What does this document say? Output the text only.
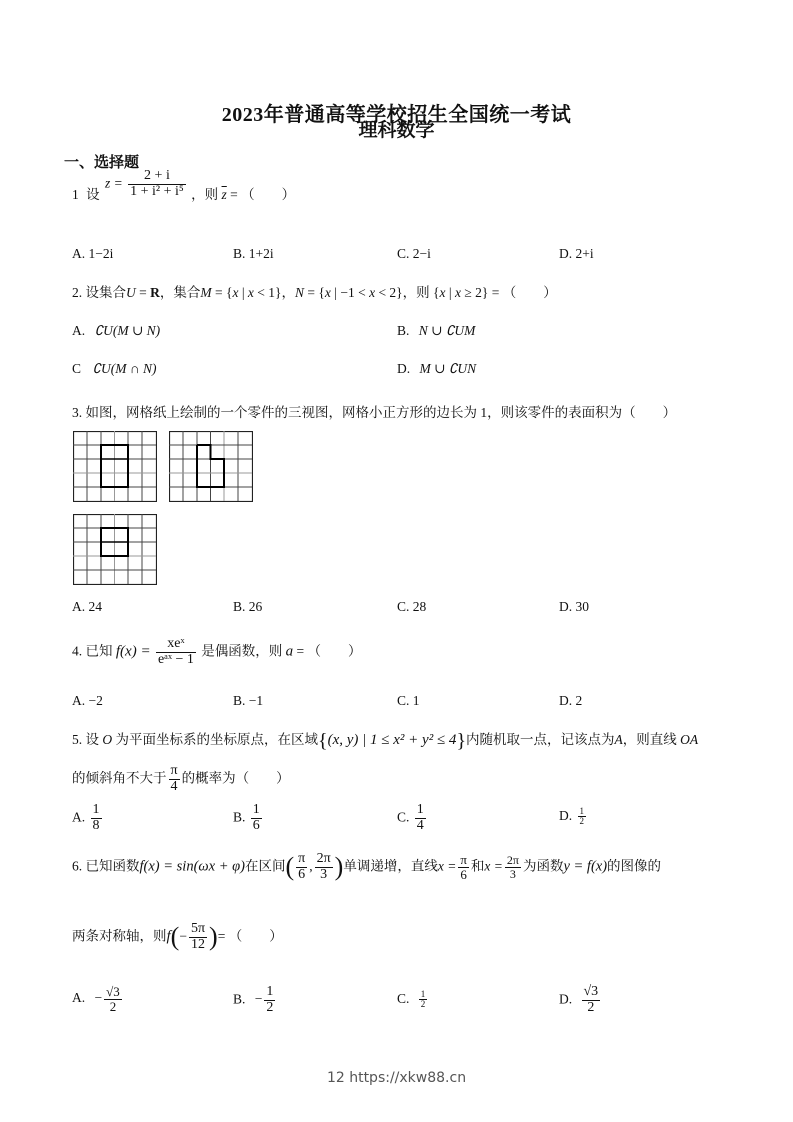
2023年普通高等学校招生全国统一考试
理科数学
一、选择题
1 设 $z = \frac{2 + i}{\text{1 + i² + i⁵}}$ ，则 $\overline{z}$ = （　　）
A. 1−2i	B. 1+2i	C. 2−i	D. 2+i
2. 设集合U = R，集合M = {x | x < 1}，N = {x | −1 < x < 2}，则 {x | x ≥ 2} = （　　）
A. ∁U(M ∪ N)	B. N ∪ ∁UM
C ∁U(M ∩ N)	D. M ∪ ∁UN
3. 如图，网格纸上绘制的一个零件的三视图，网格小正方形的边长为 1，则该零件的表面积为（　　）
A. 24	B. 26	C. 28	D. 30
4. 已知 $f(x) = \frac{\text{xeˣ}}{\text{eᵃˣ − 1}}$ 是偶函数，则 a = （　　）
A. −2	B. −1	C. 1	D. 2
5. 设 O 为平面坐标系的坐标原点，在区域{(x, y) | 1 ≤ x² + y² ≤ 4}内随机取一点，记该点为A，则直线 OA
的倾斜角不大于 $\frac{\pi}{4}$ 的概率为（　　）
A. $\frac{1}{8}$	B. $\frac{1}{6}$	C. $\frac{1}{4}$	D. $\frac{1}{2}$
6. 已知函数f(x) = sin(ωx + φ)在区间( $\frac{\pi}{6}$ , $\frac{2\pi}{3}$ )单调递增，直线$x = \frac{\pi}{6}$ 和$x = \frac{2\pi}{3}$ 为函数y = f(x)的图像的
两条对称轴，则$f(- \frac{5\pi}{12}$ )= （　　）
A. − $\frac{√3}{2}$	B. − $\frac{1}{2}$	C. $\frac{1}{2}$	D. $\frac{√3}{2}$
12 https://xkw88.cn
